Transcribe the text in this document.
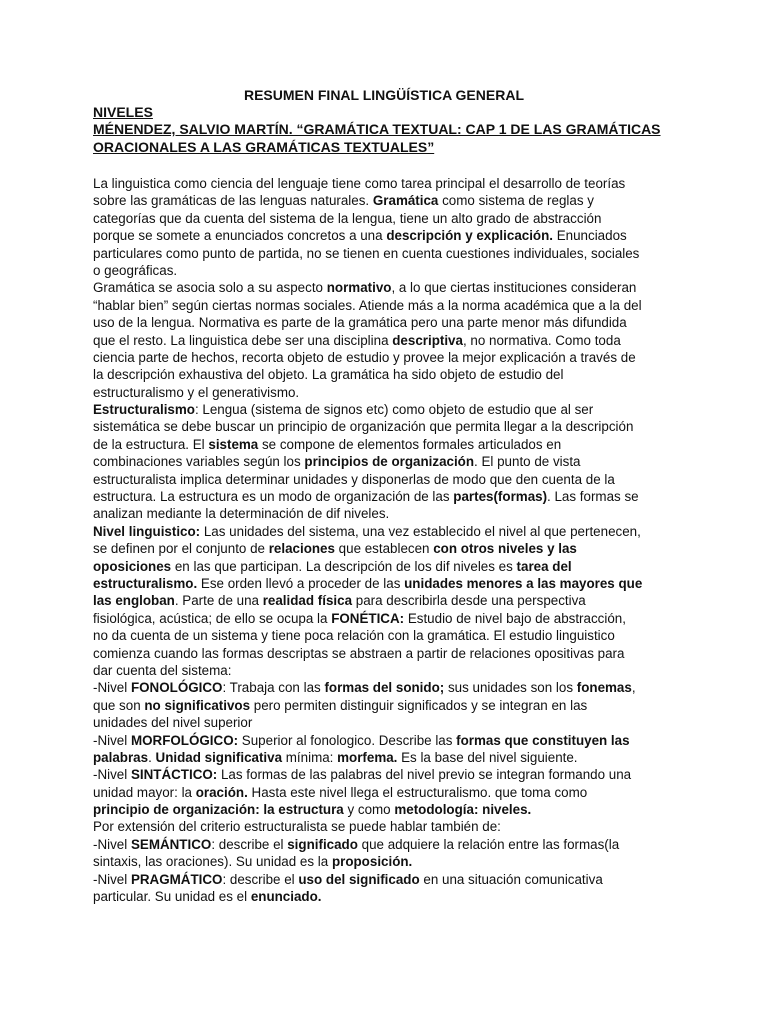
RESUMEN FINAL LINGÜÍSTICA GENERAL
NIVELES
MÉNENDEZ, SALVIO MARTÍN. “GRAMÁTICA TEXTUAL: CAP 1 DE LAS GRAMÁTICAS
ORACIONALES A LAS GRAMÁTICAS TEXTUALES”
La linguistica como ciencia del lenguaje tiene como tarea principal el desarrollo de teorías
sobre las gramáticas de las lenguas naturales. Gramática como sistema de reglas y
categorías que da cuenta del sistema de la lengua, tiene un alto grado de abstracción
porque se somete a enunciados concretos a una descripción y explicación. Enunciados
particulares como punto de partida, no se tienen en cuenta cuestiones individuales, sociales
o geográficas.
Gramática se asocia solo a su aspecto normativo, a lo que ciertas instituciones consideran
“hablar bien” según ciertas normas sociales. Atiende más a la norma académica que a la del
uso de la lengua. Normativa es parte de la gramática pero una parte menor más difundida
que el resto. La linguistica debe ser una disciplina descriptiva, no normativa. Como toda
ciencia parte de hechos, recorta objeto de estudio y provee la mejor explicación a través de
la descripción exhaustiva del objeto. La gramática ha sido objeto de estudio del
estructuralismo y el generativismo.
Estructuralismo: Lengua (sistema de signos etc) como objeto de estudio que al ser
sistemática se debe buscar un principio de organización que permita llegar a la descripción
de la estructura. El sistema se compone de elementos formales articulados en
combinaciones variables según los principios de organización. El punto de vista
estructuralista implica determinar unidades y disponerlas de modo que den cuenta de la
estructura. La estructura es un modo de organización de las partes(formas). Las formas se
analizan mediante la determinación de dif niveles.
Nivel linguistico: Las unidades del sistema, una vez establecido el nivel al que pertenecen,
se definen por el conjunto de relaciones que establecen con otros niveles y las
oposiciones en las que participan. La descripción de los dif niveles es tarea del
estructuralismo. Ese orden llevó a proceder de las unidades menores a las mayores que
las engloban. Parte de una realidad física para describirla desde una perspectiva
fisiológica, acústica; de ello se ocupa la FONÉTICA: Estudio de nivel bajo de abstracción,
no da cuenta de un sistema y tiene poca relación con la gramática. El estudio linguistico
comienza cuando las formas descriptas se abstraen a partir de relaciones opositivas para
dar cuenta del sistema:
-Nivel FONOLÓGICO: Trabaja con las formas del sonido; sus unidades son los fonemas,
que son no significativos pero permiten distinguir significados y se integran en las
unidades del nivel superior
-Nivel MORFOLÓGICO: Superior al fonologico. Describe las formas que constituyen las
palabras. Unidad significativa mínima: morfema. Es la base del nivel siguiente.
-Nivel SINTÁCTICO: Las formas de las palabras del nivel previo se integran formando una
unidad mayor: la oración. Hasta este nivel llega el estructuralismo. que toma como
principio de organización: la estructura y como metodología: niveles.
Por extensión del criterio estructuralista se puede hablar también de:
-Nivel SEMÁNTICO: describe el significado que adquiere la relación entre las formas(la
sintaxis, las oraciones). Su unidad es la proposición.
-Nivel PRAGMÁTICO: describe el uso del significado en una situación comunicativa
particular. Su unidad es el enunciado.
